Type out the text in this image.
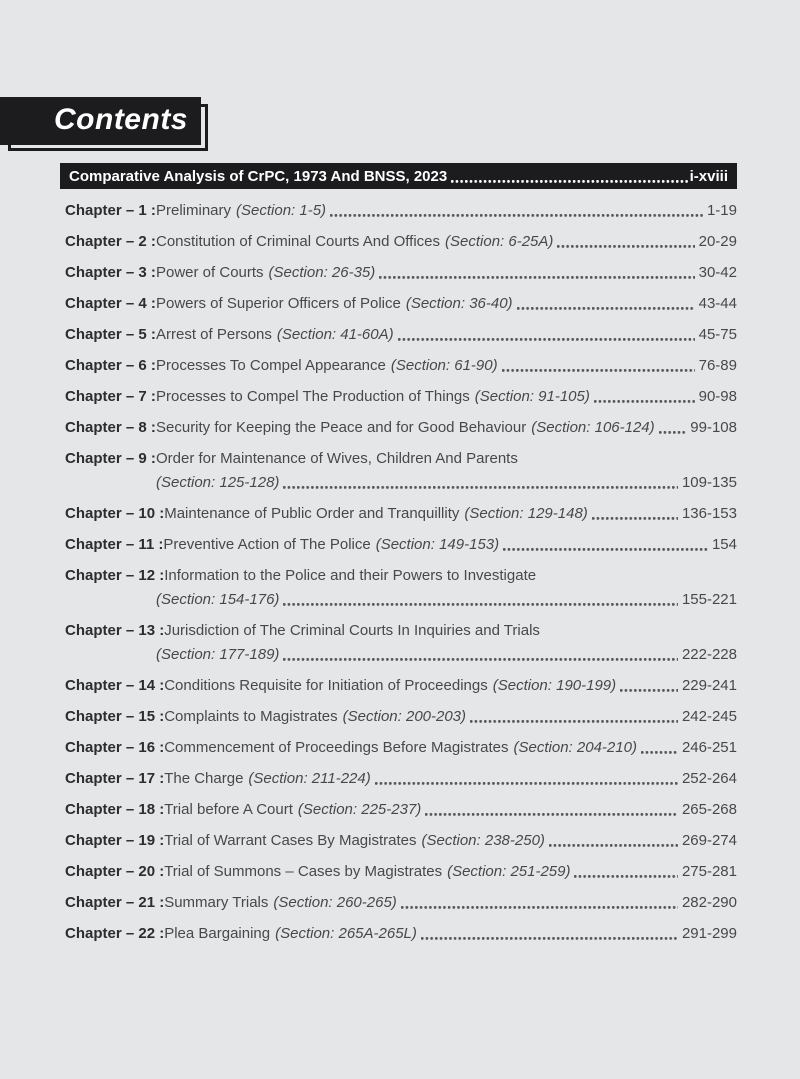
Contents
Comparative Analysis of CrPC, 1973 And BNSS, 2023	i-xviii
Chapter – 1 : Preliminary (Section: 1-5)	1-19
Chapter – 2 : Constitution of Criminal Courts And Offices (Section: 6-25A)	20-29
Chapter – 3 : Power of Courts (Section: 26-35)	30-42
Chapter – 4 : Powers of Superior Officers of Police (Section: 36-40)	43-44
Chapter – 5 : Arrest of Persons (Section: 41-60A)	45-75
Chapter – 6 : Processes To Compel Appearance (Section: 61-90)	76-89
Chapter – 7 : Processes to Compel The Production of Things (Section: 91-105)	90-98
Chapter – 8 : Security for Keeping the Peace and for Good Behaviour (Section: 106-124) 99-108
Chapter – 9 : Order for Maintenance of Wives, Children And Parents
(Section: 125-128)	109-135
Chapter – 10 : Maintenance of Public Order and Tranquillity (Section: 129-148)	136-153
Chapter – 11 : Preventive Action of The Police (Section: 149-153)	154
Chapter – 12 : Information to the Police and their Powers to Investigate
(Section: 154-176)	155-221
Chapter – 13 : Jurisdiction of The Criminal Courts In Inquiries and Trials
(Section: 177-189)	222-228
Chapter – 14 : Conditions Requisite for Initiation of Proceedings (Section: 190-199)	229-241
Chapter – 15 : Complaints to Magistrates (Section: 200-203)	242-245
Chapter – 16 : Commencement of Proceedings Before Magistrates (Section: 204-210)	246-251
Chapter – 17 : The Charge (Section: 211-224)	252-264
Chapter – 18 : Trial before A Court (Section: 225-237)	265-268
Chapter – 19 : Trial of Warrant Cases By Magistrates (Section: 238-250)	269-274
Chapter – 20 : Trial of Summons – Cases by Magistrates (Section: 251-259)	275-281
Chapter – 21 : Summary Trials (Section: 260-265)	282-290
Chapter – 22 : Plea Bargaining (Section: 265A-265L)	291-299
